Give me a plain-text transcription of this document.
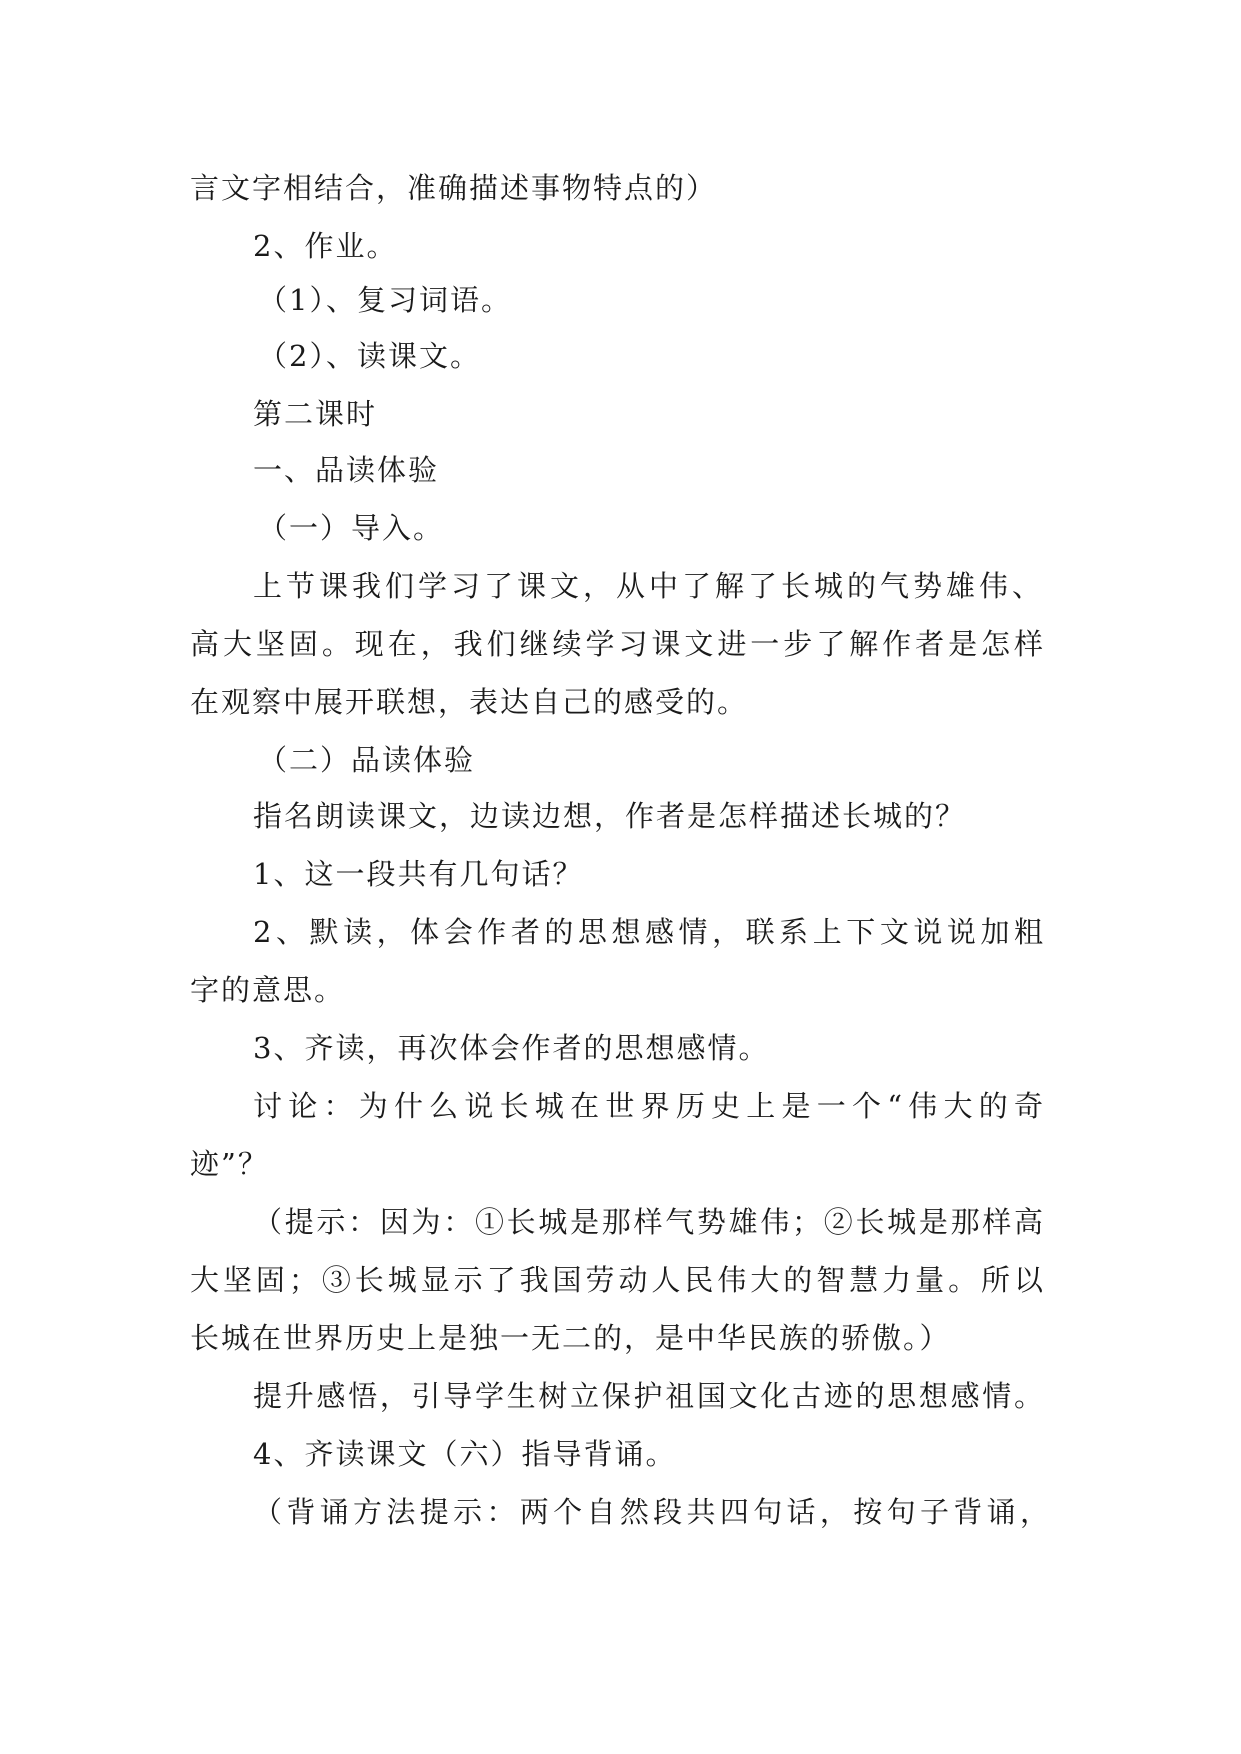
言文字相结合，准确描述事物特点的）
2、作业。
（1）、复习词语。
（2）、读课文。
第二课时
一、品读体验
（一）导入。
上节课我们学习了课文，从中了解了长城的气势雄伟、
高大坚固。现在，我们继续学习课文进一步了解作者是怎样
在观察中展开联想，表达自己的感受的。
（二）品读体验
指名朗读课文，边读边想，作者是怎样描述长城的？
1、这一段共有几句话？
2、默读，体会作者的思想感情，联系上下文说说加粗
字的意思。
3、齐读，再次体会作者的思想感情。
讨论：为什么说长城在世界历史上是一个“伟大的奇
迹”？
（提示：因为：①长城是那样气势雄伟；②长城是那样高
大坚固；③长城显示了我国劳动人民伟大的智慧力量。所以
长城在世界历史上是独一无二的，是中华民族的骄傲。）
提升感悟，引导学生树立保护祖国文化古迹的思想感情。
4、齐读课文（六）指导背诵。
（背诵方法提示：两个自然段共四句话，按句子背诵，
